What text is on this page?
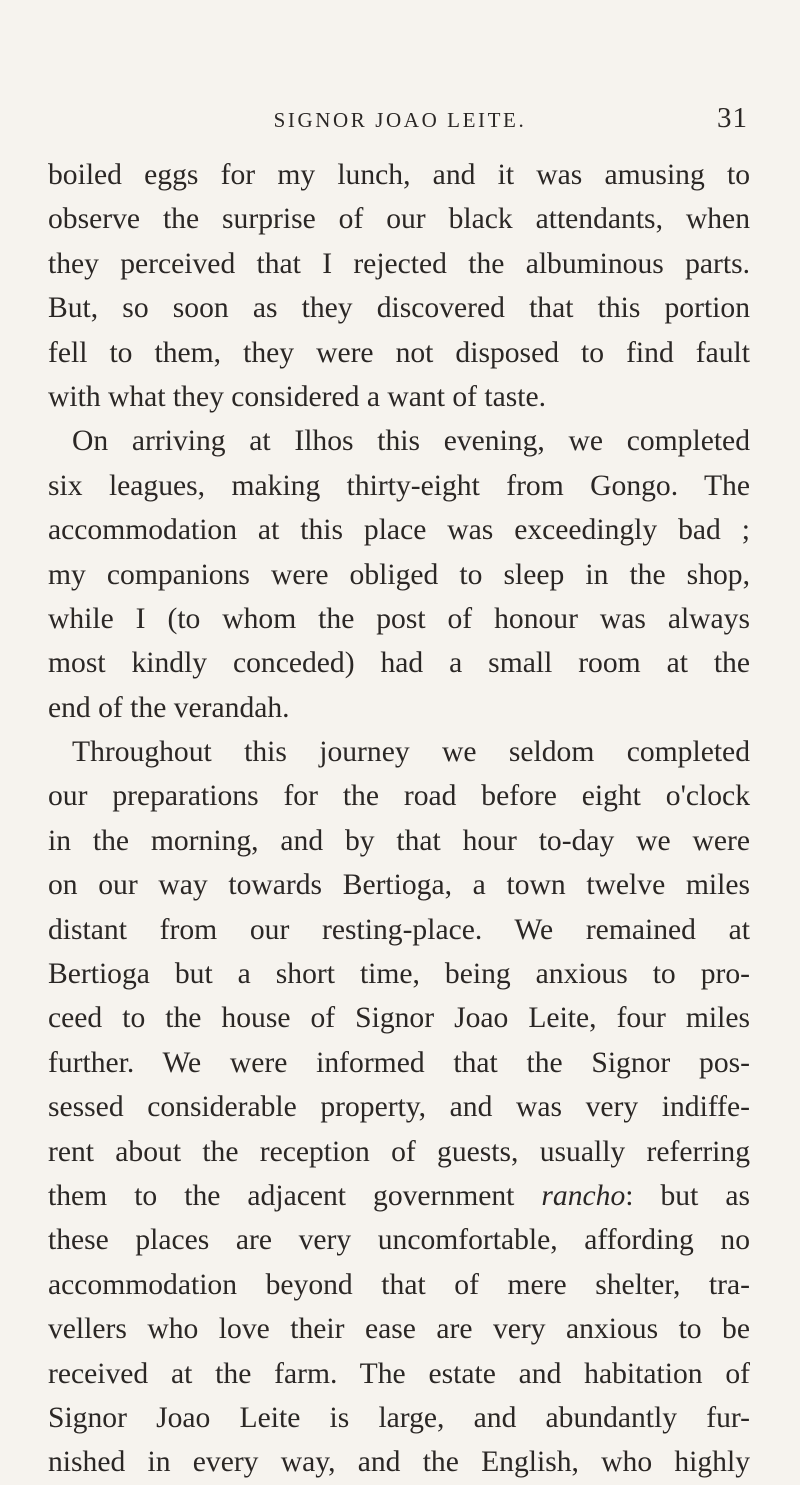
SIGNOR JOAO LEITE.	31
boiled eggs for my lunch, and it was amusing to
observe the surprise of our black attendants, when
they perceived that I rejected the albuminous parts.
But, so soon as they discovered that this portion
fell to them, they were not disposed to find fault
with what they considered a want of taste.
On arriving at Ilhos this evening, we completed
six leagues, making thirty-eight from Gongo. The
accommodation at this place was exceedingly bad ;
my companions were obliged to sleep in the shop,
while I (to whom the post of honour was always
most kindly conceded) had a small room at the
end of the verandah.
Throughout this journey we seldom completed
our preparations for the road before eight o'clock
in the morning, and by that hour to-day we were
on our way towards Bertioga, a town twelve miles
distant from our resting-place. We remained at
Bertioga but a short time, being anxious to pro-
ceed to the house of Signor Joao Leite, four miles
further. We were informed that the Signor pos-
sessed considerable property, and was very indiffe-
rent about the reception of guests, usually referring
them to the adjacent government rancho: but as
these places are very uncomfortable, affording no
accommodation beyond that of mere shelter, tra-
vellers who love their ease are very anxious to be
received at the farm. The estate and habitation of
Signor Joao Leite is large, and abundantly fur-
nished in every way, and the English, who highly
